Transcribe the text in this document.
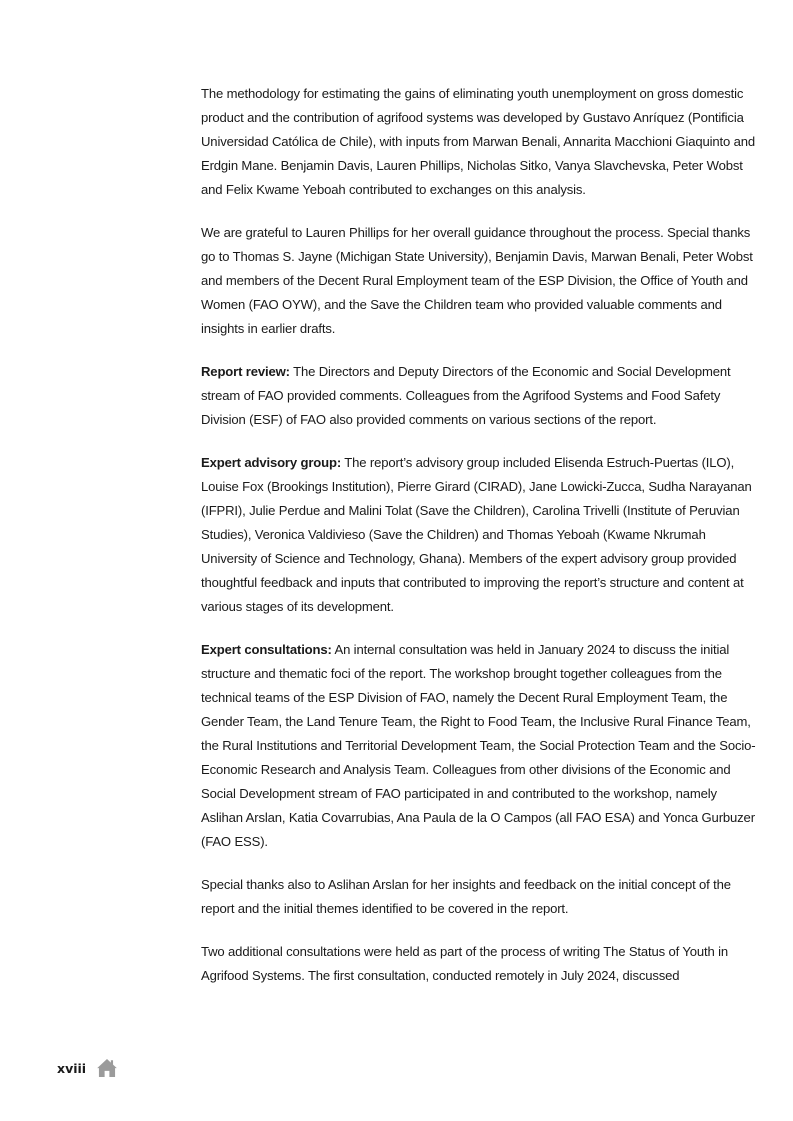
The methodology for estimating the gains of eliminating youth unemployment on gross domestic product and the contribution of agrifood systems was developed by Gustavo Anríquez (Pontificia Universidad Católica de Chile), with inputs from Marwan Benali, Annarita Macchioni Giaquinto and Erdgin Mane. Benjamin Davis, Lauren Phillips, Nicholas Sitko, Vanya Slavchevska, Peter Wobst and Felix Kwame Yeboah contributed to exchanges on this analysis.

We are grateful to Lauren Phillips for her overall guidance throughout the process. Special thanks go to Thomas S. Jayne (Michigan State University), Benjamin Davis, Marwan Benali, Peter Wobst and members of the Decent Rural Employment team of the ESP Division, the Office of Youth and Women (FAO OYW), and the Save the Children team who provided valuable comments and insights in earlier drafts.

Report review: The Directors and Deputy Directors of the Economic and Social Development stream of FAO provided comments. Colleagues from the Agrifood Systems and Food Safety Division (ESF) of FAO also provided comments on various sections of the report.

Expert advisory group: The report’s advisory group included Elisenda Estruch-Puertas (ILO), Louise Fox (Brookings Institution), Pierre Girard (CIRAD), Jane Lowicki-Zucca, Sudha Narayanan (IFPRI), Julie Perdue and Malini Tolat (Save the Children), Carolina Trivelli (Institute of Peruvian Studies), Veronica Valdivieso (Save the Children) and Thomas Yeboah (Kwame Nkrumah University of Science and Technology, Ghana). Members of the expert advisory group provided thoughtful feedback and inputs that contributed to improving the report’s structure and content at various stages of its development.

Expert consultations: An internal consultation was held in January 2024 to discuss the initial structure and thematic foci of the report. The workshop brought together colleagues from the technical teams of the ESP Division of FAO, namely the Decent Rural Employment Team, the Gender Team, the Land Tenure Team, the Right to Food Team, the Inclusive Rural Finance Team, the Rural Institutions and Territorial Development Team, the Social Protection Team and the Socio-Economic Research and Analysis Team. Colleagues from other divisions of the Economic and Social Development stream of FAO participated in and contributed to the workshop, namely Aslihan Arslan, Katia Covarrubias, Ana Paula de la O Campos (all FAO ESA) and Yonca Gurbuzer (FAO ESS).

Special thanks also to Aslihan Arslan for her insights and feedback on the initial concept of the report and the initial themes identified to be covered in the report.

Two additional consultations were held as part of the process of writing The Status of Youth in Agrifood Systems. The first consultation, conducted remotely in July 2024, discussed

xviii
